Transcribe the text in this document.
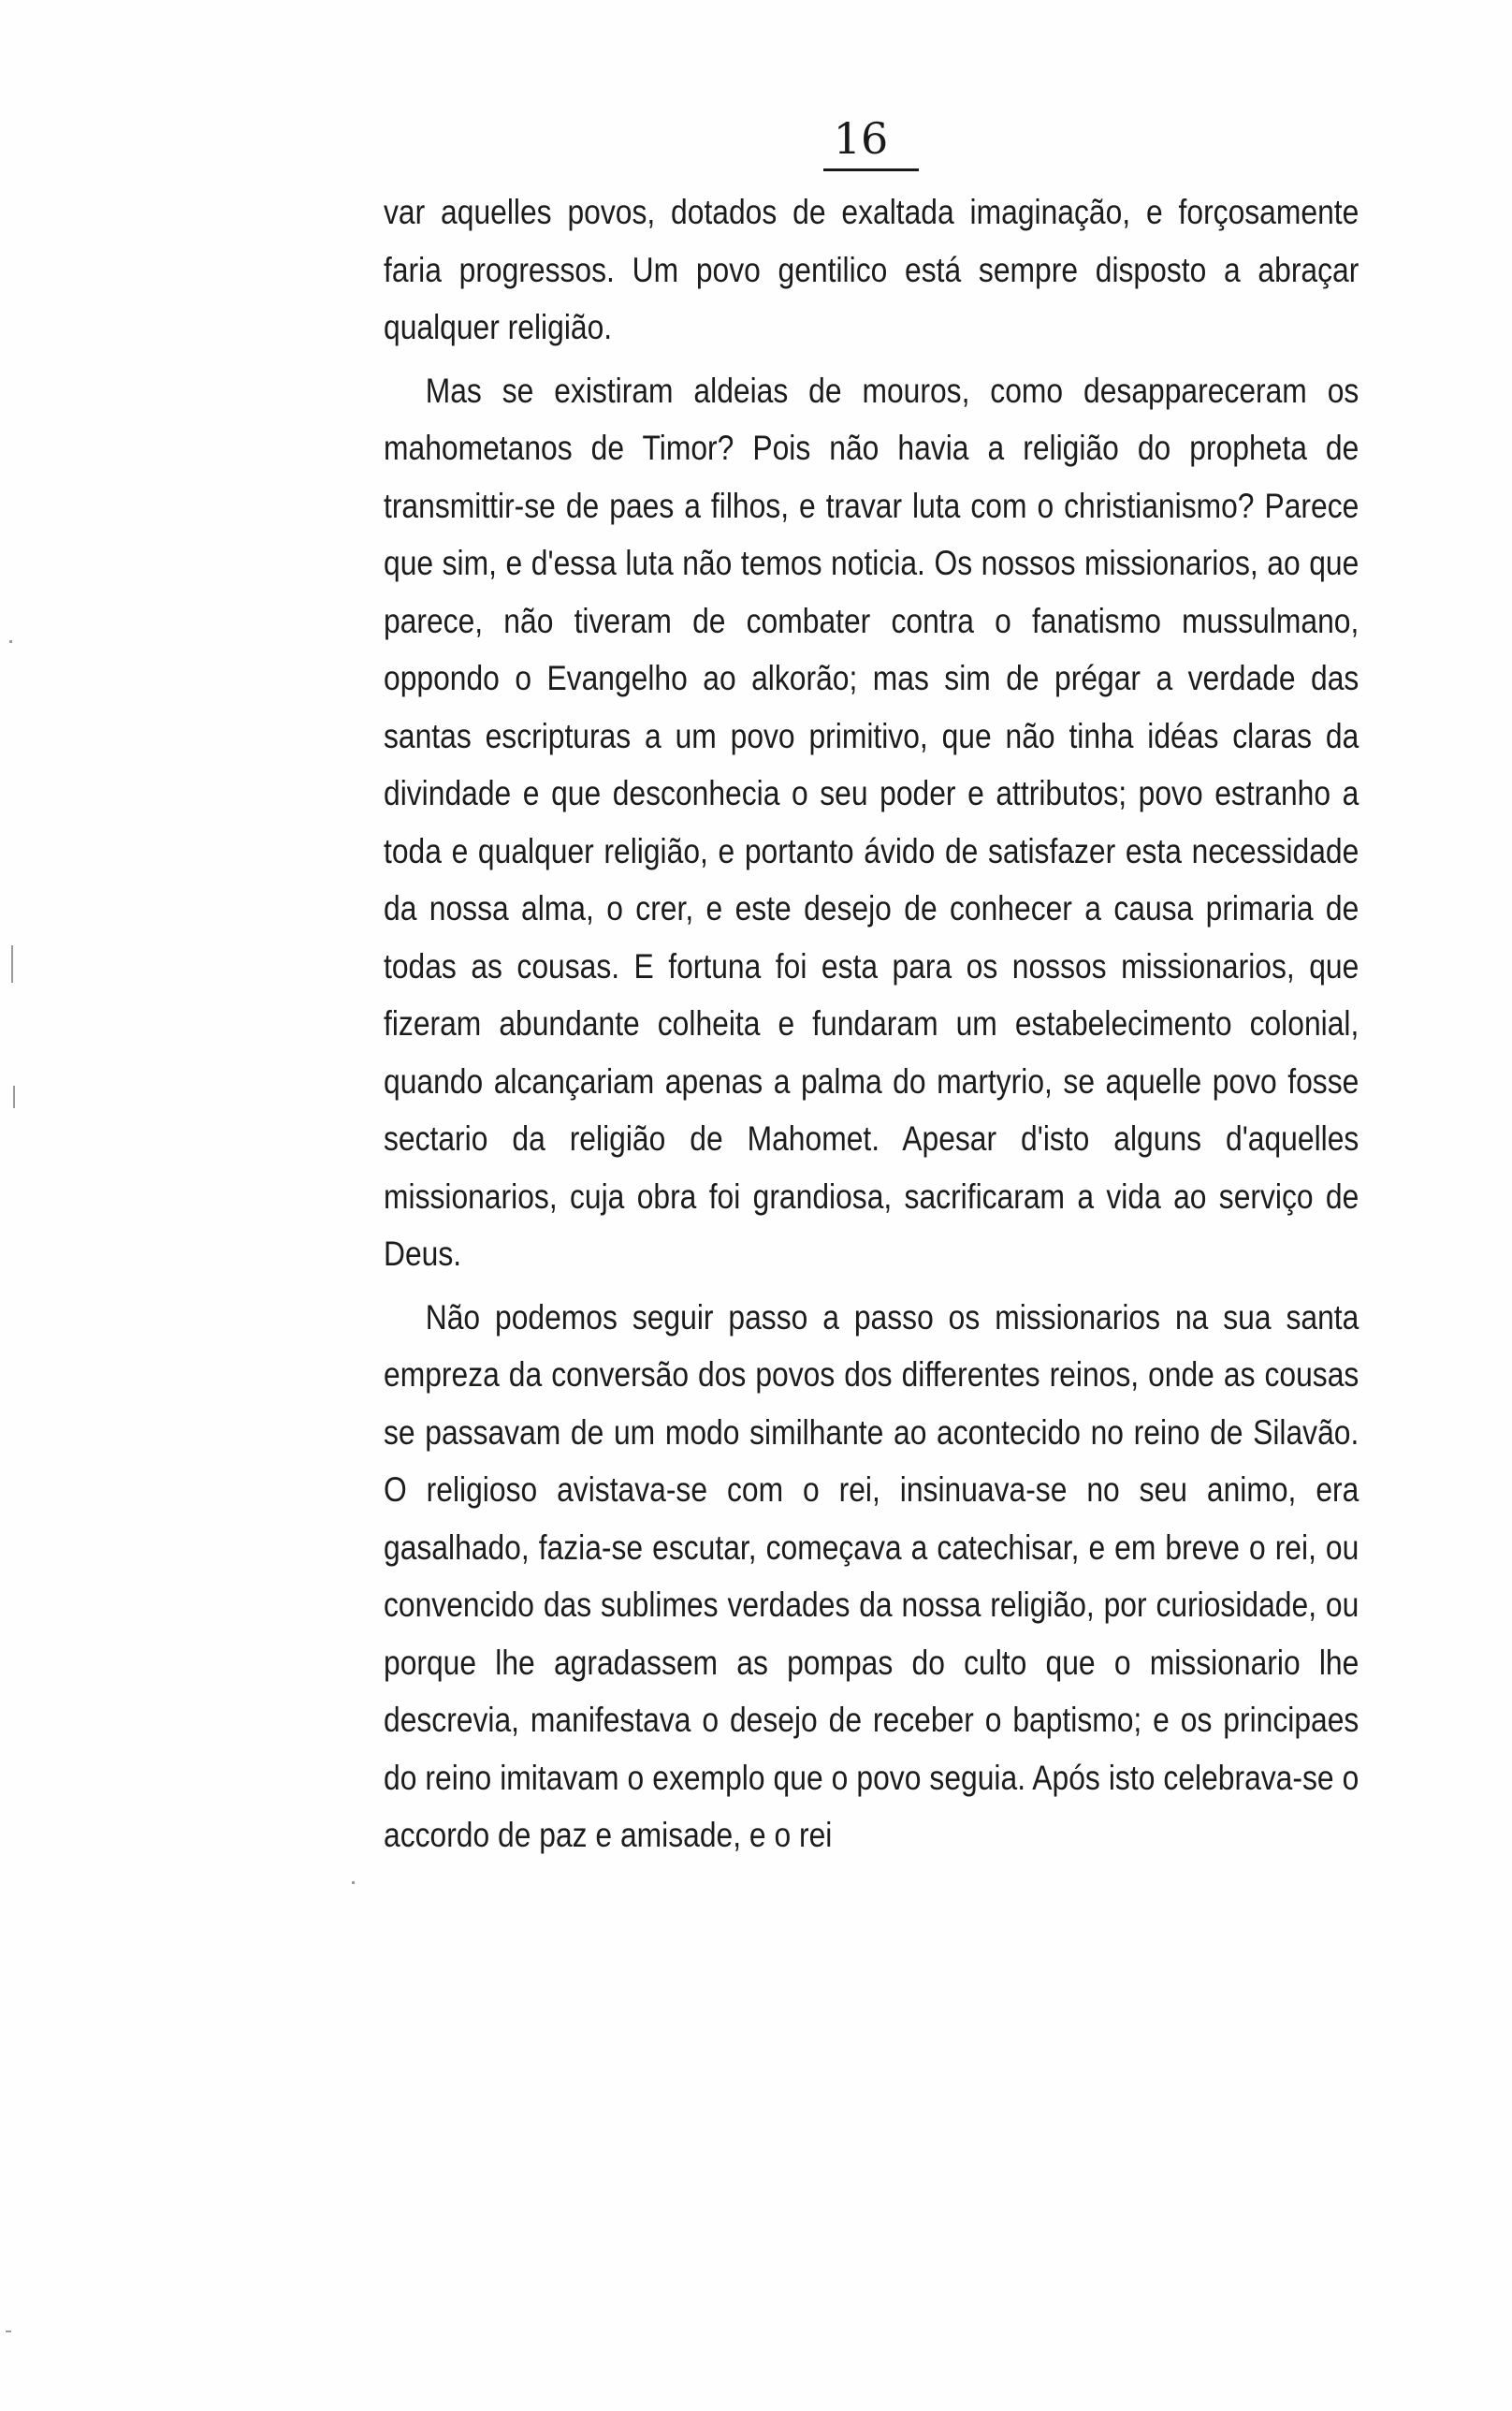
16

var aquelles povos, dotados de exaltada imaginação, e forçosamente faria progressos. Um povo gentilico está sempre disposto a abraçar qualquer religião.

Mas se existiram aldeias de mouros, como desappareceram os mahometanos de Timor? Pois não havia a religião do propheta de transmittir-se de paes a filhos, e travar luta com o christianismo? Parece que sim, e d'essa luta não temos noticia. Os nossos missionarios, ao que parece, não tiveram de combater contra o fanatismo mussulmano, oppondo o Evangelho ao alkorão; mas sim de prégar a verdade das santas escripturas a um povo primitivo, que não tinha idéas claras da divindade e que desconhecia o seu poder e attributos; povo estranho a toda e qualquer religião, e portanto ávido de satisfazer esta necessidade da nossa alma, o crer, e este desejo de conhecer a causa primaria de todas as cousas. E fortuna foi esta para os nossos missionarios, que fizeram abundante colheita e fundaram um estabelecimento colonial, quando alcançariam apenas a palma do martyrio, se aquelle povo fosse sectario da religião de Mahomet. Apesar d'isto alguns d'aquelles missionarios, cuja obra foi grandiosa, sacrificaram a vida ao serviço de Deus.

Não podemos seguir passo a passo os missionarios na sua santa empreza da conversão dos povos dos differentes reinos, onde as cousas se passavam de um modo similhante ao acontecido no reino de Silavão. O religioso avistava-se com o rei, insinuava-se no seu animo, era gasalhado, fazia-se escutar, começava a catechisar, e em breve o rei, ou convencido das sublimes verdades da nossa religião, por curiosidade, ou porque lhe agradassem as pompas do culto que o missionario lhe descrevia, manifestava o desejo de receber o baptismo; e os principaes do reino imitavam o exemplo que o povo seguia. Após isto celebrava-se o accordo de paz e amisade, e o rei
